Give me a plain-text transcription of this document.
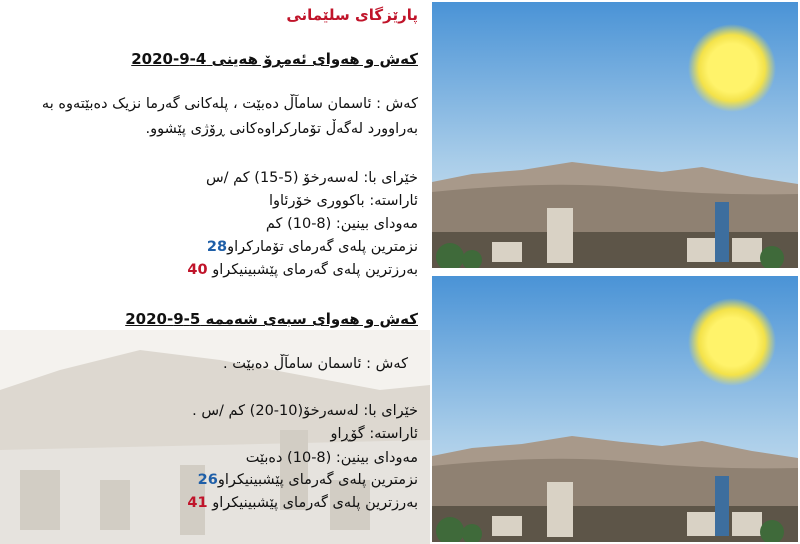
پارێزگای سلێمانی
کەش و هەوای ئەمڕۆ هەینی 4-9-2020
کەش : ئاسمان سامآڵ دەبێت ، پلەکانی گەرما نزیک دەبێتەوە بە
بەراوورد لەگەڵ تۆمارکراوەکانی ڕۆژی پێشوو.
خێرای با: لەسەرخۆ (5-15) کم /س
ئاراستە: باکووری خۆرئاوا
مەودای بینین: (8-10) کم
نزمترین پلەی گەرمای تۆمارکراو28
بەرزترین پلەی گەرمای پێشبینیکراو 40
کەش و هەوای سبەی شەممە 5-9-2020
کەش : ئاسمان سامآڵ دەبێت .
خێرای با: لەسەرخۆ(10-20) کم /س .
ئاراستە: گۆڕاو
مەودای بینین: (8-10) دەبێت
نزمترین پلەی گەرمای پێشبینیکراو26
بەرزترین پلەی گەرمای پێشبینیکراو 41
